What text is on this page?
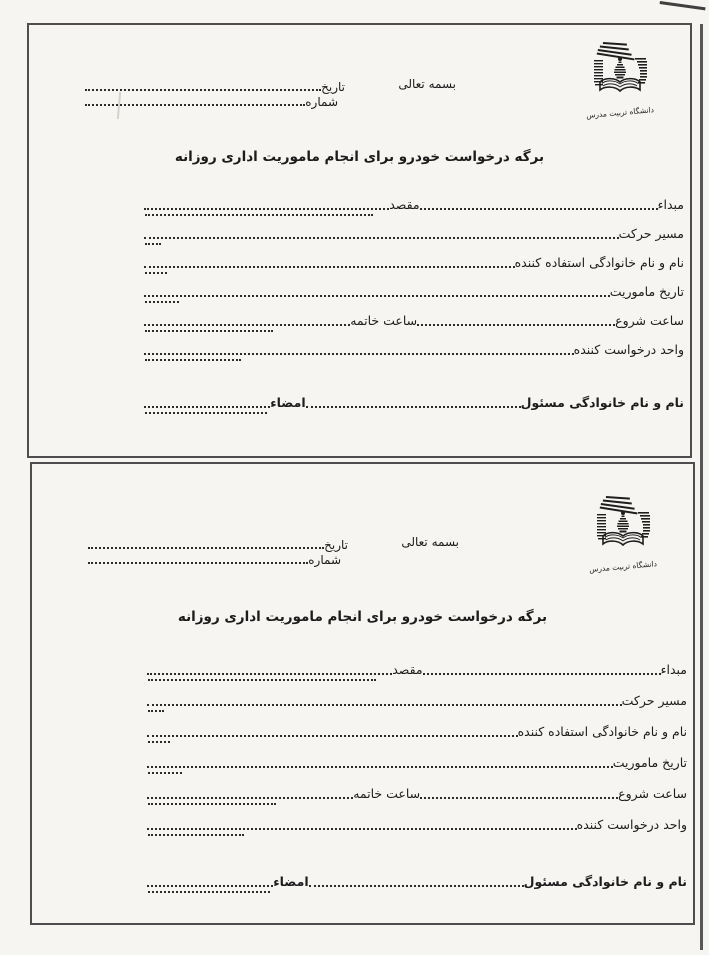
دانشگاه تربیت مدرس
بسمه تعالی
تاریخ
شماره
برگه درخواست خودرو برای انجام ماموریت اداری روزانه
مبداء
مقصد
مسیر حرکت
نام و نام خانوادگی استفاده کننده
تاریخ ماموریت
ساعت شروع
ساعت خاتمه
واحد درخواست کننده
نام و نام خانوادگی مسئول
امضاء
دانشگاه تربیت مدرس
بسمه تعالی
تاریخ
شماره
برگه درخواست خودرو برای انجام ماموریت اداری روزانه
مبداء
مقصد
مسیر حرکت
نام و نام خانوادگی استفاده کننده
تاریخ ماموریت
ساعت شروع
ساعت خاتمه
واحد درخواست کننده
نام و نام خانوادگی مسئول
امضاء
